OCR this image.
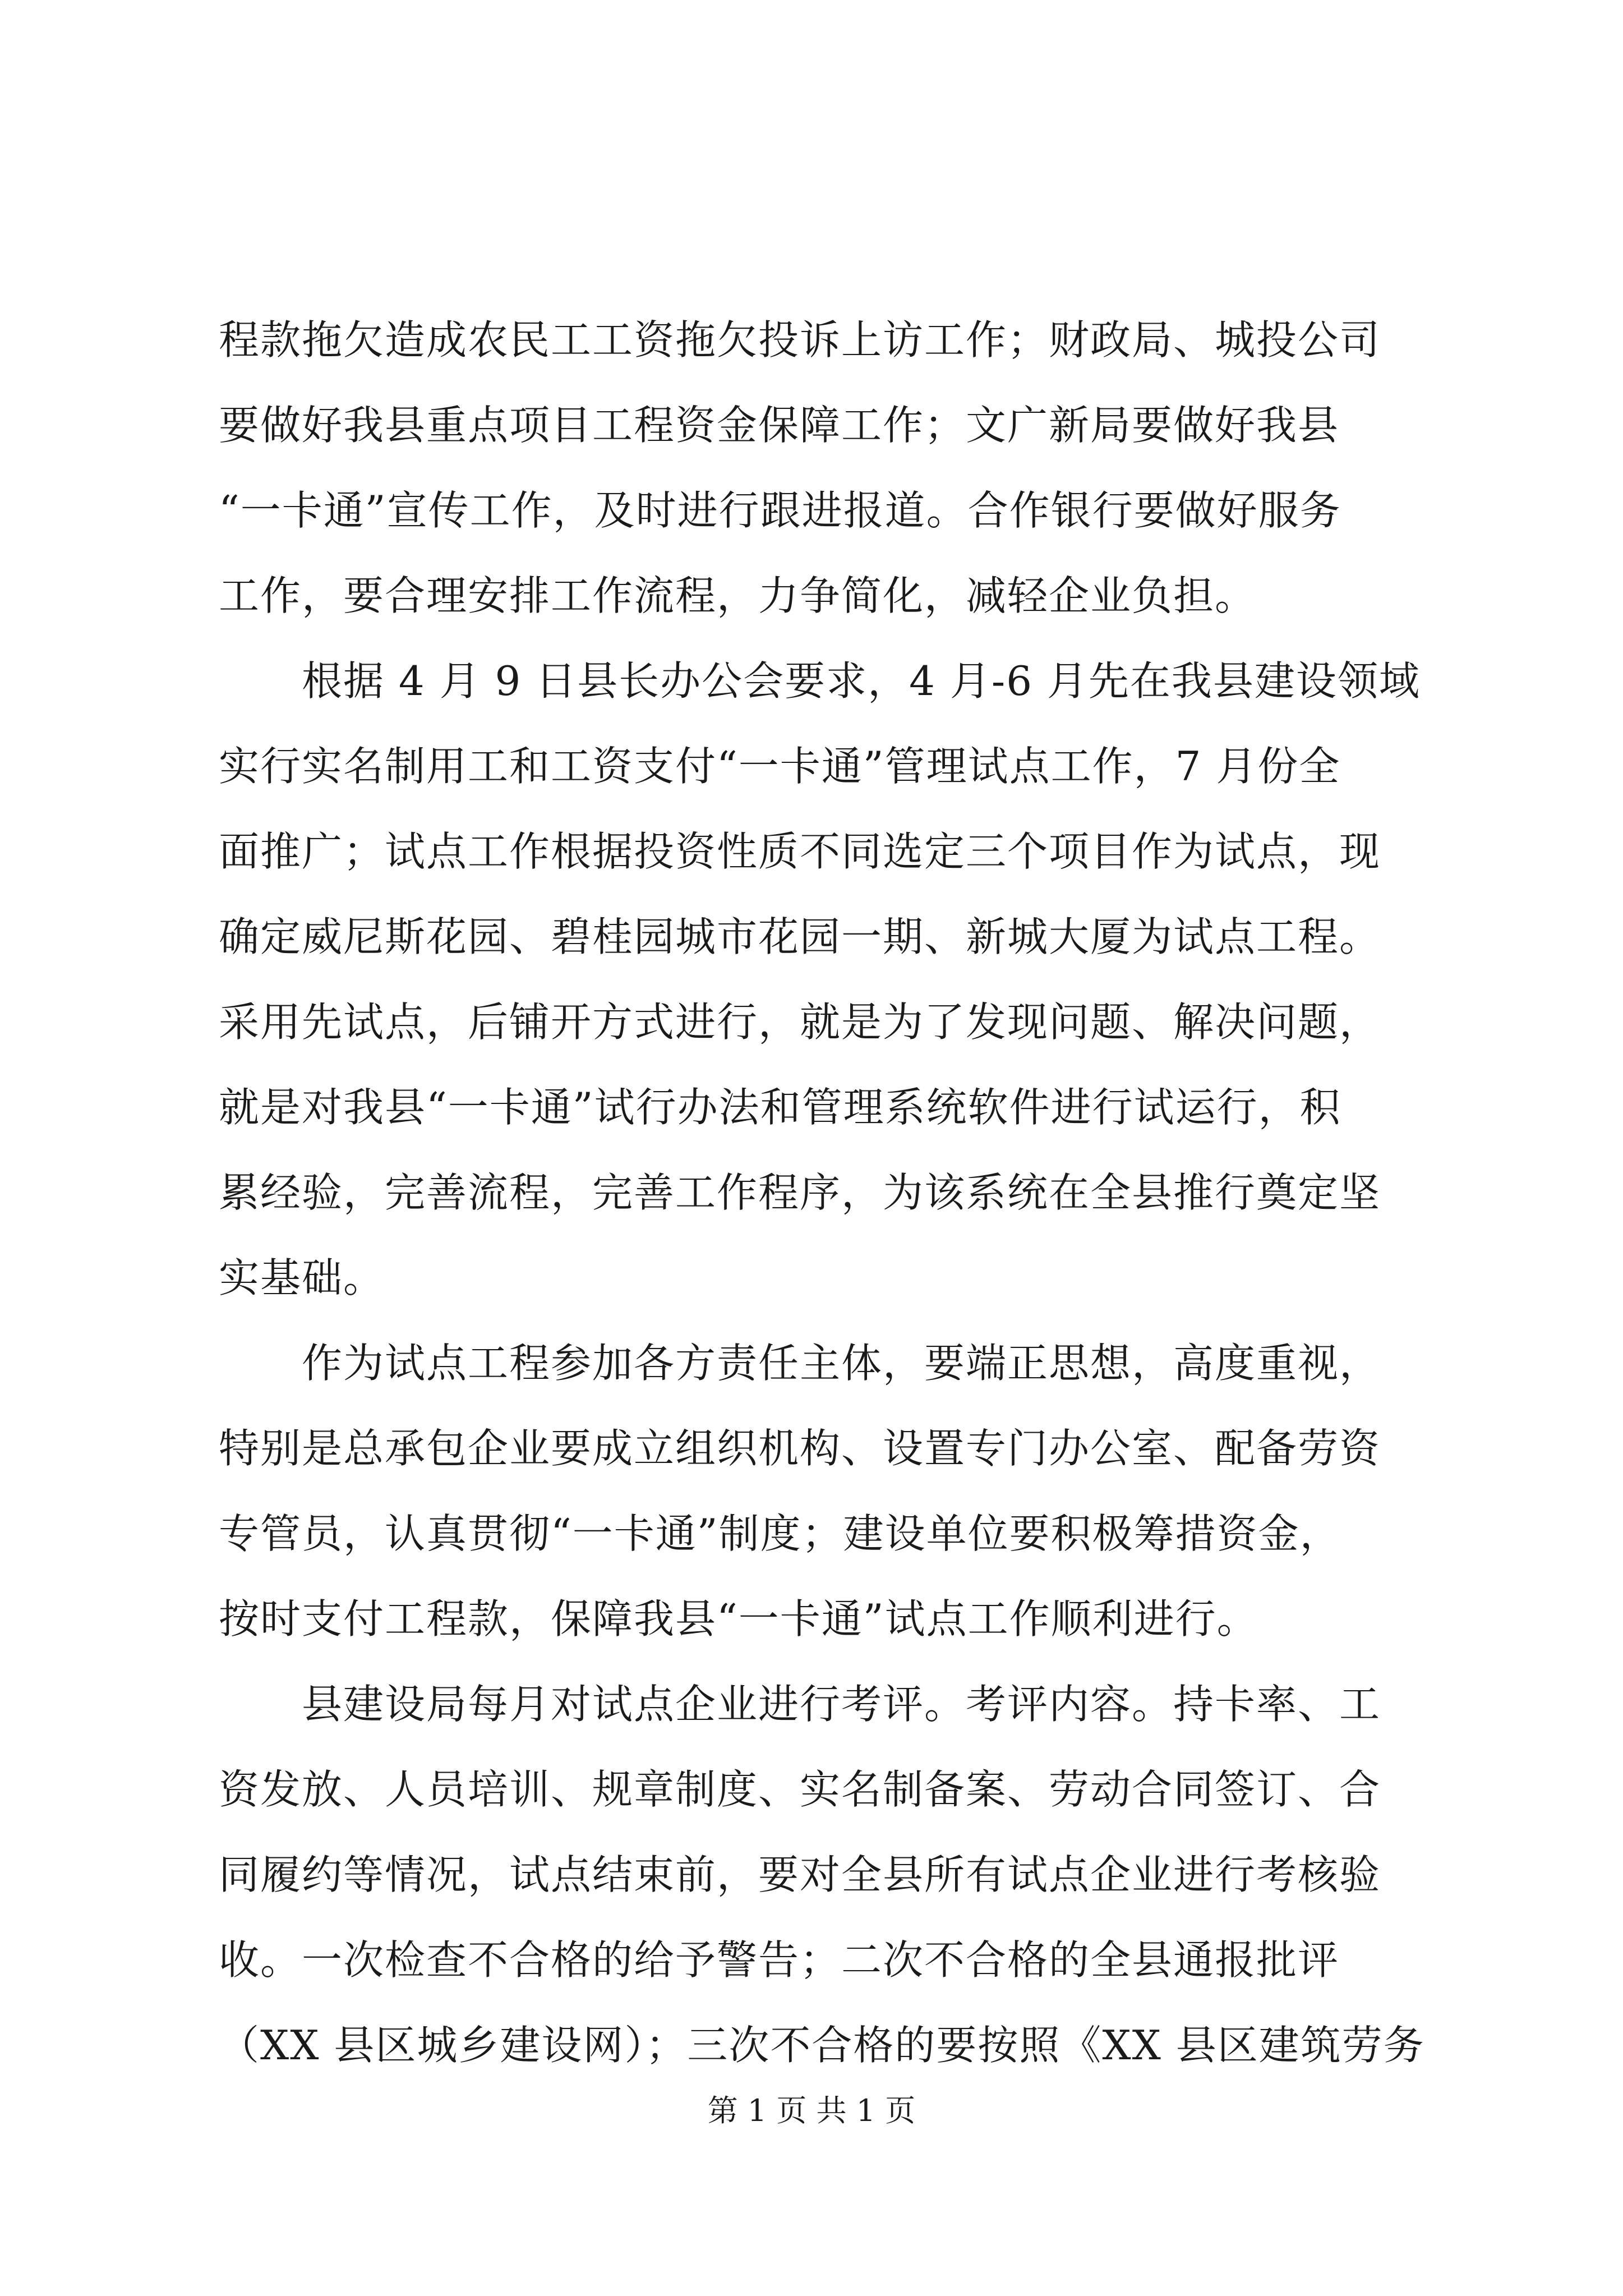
程款拖欠造成农民工工资拖欠投诉上访工作；财政局、城投公司
要做好我县重点项目工程资金保障工作；文广新局要做好我县
“一卡通”宣传工作，及时进行跟进报道。合作银行要做好服务
工作，要合理安排工作流程，力争简化，减轻企业负担。
　　根据 4 月 9 日县长办公会要求，4 月-6 月先在我县建设领域
实行实名制用工和工资支付“一卡通”管理试点工作，7 月份全
面推广；试点工作根据投资性质不同选定三个项目作为试点，现
确定威尼斯花园、碧桂园城市花园一期、新城大厦为试点工程。
采用先试点，后铺开方式进行，就是为了发现问题、解决问题，
就是对我县“一卡通”试行办法和管理系统软件进行试运行，积
累经验，完善流程，完善工作程序，为该系统在全县推行奠定坚
实基础。
　　作为试点工程参加各方责任主体，要端正思想，高度重视，
特别是总承包企业要成立组织机构、设置专门办公室、配备劳资
专管员，认真贯彻“一卡通”制度；建设单位要积极筹措资金，
按时支付工程款，保障我县“一卡通”试点工作顺利进行。
　　县建设局每月对试点企业进行考评。考评内容。持卡率、工
资发放、人员培训、规章制度、实名制备案、劳动合同签订、合
同履约等情况，试点结束前，要对全县所有试点企业进行考核验
收。一次检查不合格的给予警告；二次不合格的全县通报批评
（XX 县区城乡建设网）；三次不合格的要按照《XX 县区建筑劳务
第 1 页 共 1 页
